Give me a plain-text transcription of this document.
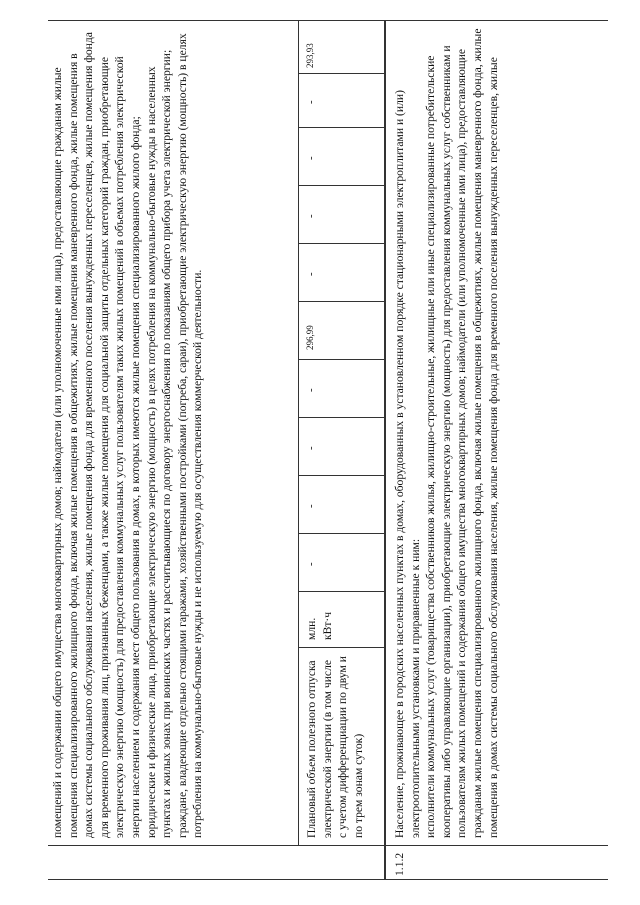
помещений и содержании общего имущества многоквартирных домов; наймодатели (или уполномоченные ими лица), предоставляющие гражданам жилые помещения специализированного жилищного фонда, включая жилые помещения в общежитиях, жилые помещения маневренного фонда, жилые помещения в домах системы социального обслуживания населения, жилые помещения фонда для временного поселения вынужденных переселенцев, жилые помещения фонда для временного проживания лиц, признанных беженцами, а также жилые помещения для социальной защиты отдельных категорий граждан, приобретающие электрическую энергию (мощность) для предоставления коммунальных услуг пользователям таких жилых помещений в объемах потребления электрической энергии населением и содержания мест общего пользования в домах, в которых имеются жилые помещения специализированного жилого фонда; юридические и физические лица, приобретающие электрическую энергию (мощность) в целях потребления на коммунально-бытовые нужды в населенных пунктах и жилых зонах при воинских частях и рассчитывающиеся по договору энергоснабжения по показаниям общего прибора учета электрической энергии; граждане, владеющие отдельно стоящими гаражами, хозяйственными постройками (погреба, сараи), приобретающие электрическую энергию (мощность) в целях потребления на коммунально-бытовые нужды и не используемую для осуществления коммерческой деятельности.	Плановый объем полезного отпуска электрической энергии (в том числе с учетом дифференциации по двум и по трем зонам суток)
млн. кВт·ч
-
-
-
-
296,99
-
-
-
-
293,93
1.1.2

Население, проживающее в городских населенных пунктах в домах, оборудованных в установленном порядке стационарными электроплитами и (или) электроотопительными установками и приравненные к ним: исполнители коммунальных услуг (товарищества собственников жилья, жилищно-строительные, жилищные или иные специализированные потребительские кооперативы либо управляющие организации), приобретающие электрическую энергию (мощность) для предоставления коммунальных услуг собственникам и пользователям жилых помещений и содержания общего имущества многоквартирных домов; наймодатели (или уполномоченные ими лица), предоставляющие гражданам жилые помещения специализированного жилищного фонда, включая жилые помещения в общежитиях, жилые помещения маневренного фонда, жилые помещения в домах системы социального обслуживания населения, жилые помещения фонда для временного поселения вынужденных переселенцев, жилые
